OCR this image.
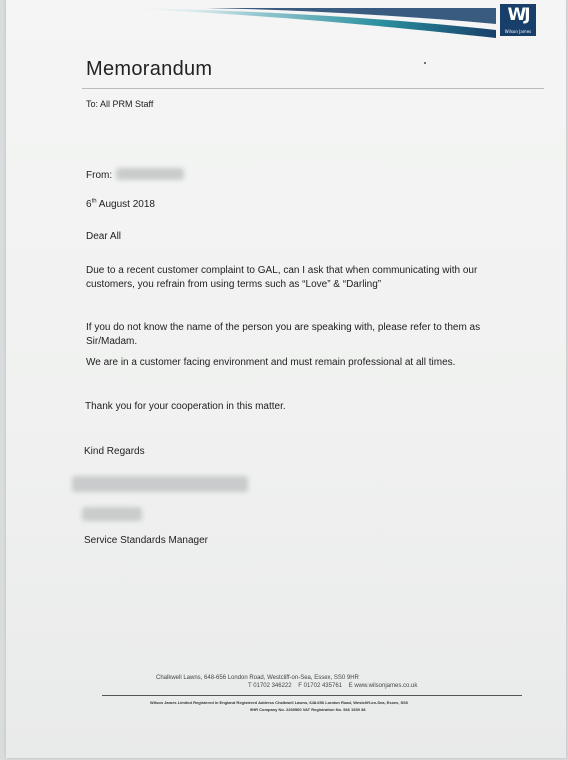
WJ
Wilson James
Memorandum
To: All PRM Staff
From:
6th August 2018
Dear All
Due to a recent customer complaint to GAL, can I ask that when communicating with our
customers, you refrain from using terms such as “Love” & “Darling”
If you do not know the name of the person you are speaking with, please refer to them as
Sir/Madam.
We are in a customer facing environment and must remain professional at all times.
Thank you for your cooperation in this matter.
Kind Regards
Service Standards Manager
Chalkwell Lawns, 648-656 London Road, Westcliff-on-Sea, Essex, SS0 9HR
T 01702 346222 F 01702 435761 E www.wilsonjames.co.uk
Wilson James Limited Registered in England Registered Address Chalkwell Lawns, 648-656 London Road, Westcliff-on-Sea, Essex, SS0
9HR Company No. 2269560 VAT Registration No. 546 1539 38
